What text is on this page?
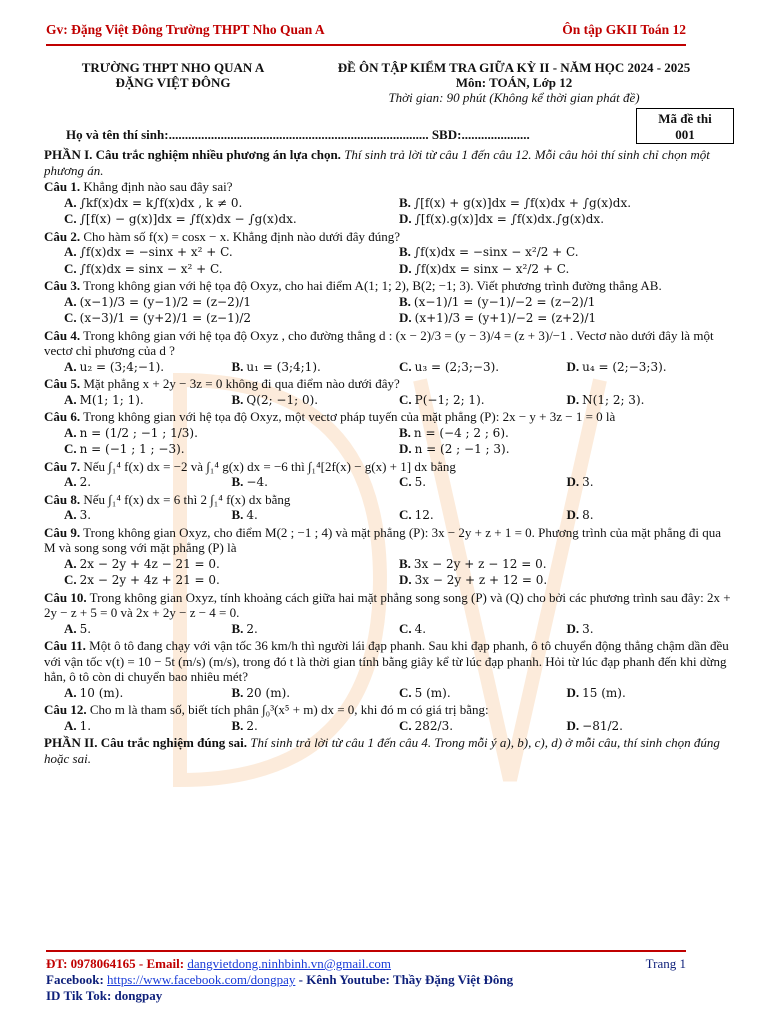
Gv: Đặng Việt Đông Trường THPT Nho Quan A	Ôn tập GKII Toán 12
TRƯỜNG THPT NHO QUAN A
ĐẶNG VIỆT ĐÔNG
ĐỀ ÔN TẬP KIỂM TRA GIỮA KỲ II - NĂM HỌC 2024 - 2025
Môn: TOÁN, Lớp 12
Thời gian: 90 phút (Không kể thời gian phát đề)
Mã đề thi
001
Họ và tên thí sinh:................................................................................ SBD:.....................
PHẦN I. Câu trắc nghiệm nhiều phương án lựa chọn. Thí sinh trả lời từ câu 1 đến câu 12. Mỗi câu hỏi thí sinh chỉ chọn một phương án.
Câu 1. Khẳng định nào sau đây sai?
A. ∫kf(x)dx = k∫f(x)dx , k ≠ 0.	B. ∫[f(x) + g(x)]dx = ∫f(x)dx + ∫g(x)dx.
C. ∫[f(x) − g(x)]dx = ∫f(x)dx − ∫g(x)dx.	D. ∫[f(x).g(x)]dx = ∫f(x)dx.∫g(x)dx.
Câu 2. Cho hàm số f(x) = cosx − x. Khẳng định nào dưới đây đúng?
A. ∫f(x)dx = −sinx + x² + C.	B. ∫f(x)dx = −sinx − x²/2 + C.
C. ∫f(x)dx = sinx − x² + C.	D. ∫f(x)dx = sinx − x²/2 + C.
Câu 3. Trong không gian với hệ tọa độ Oxyz, cho hai điểm A(1; 1; 2), B(2; −1; 3). Viết phương trình đường thẳng AB.
A. (x−1)/3 = (y−1)/2 = (z−2)/1	B. (x−1)/1 = (y−1)/−2 = (z−2)/1
C. (x−3)/1 = (y+2)/1 = (z−1)/2	D. (x+1)/3 = (y+1)/−2 = (z+2)/1
Câu 4. Trong không gian với hệ tọa độ Oxyz , cho đường thẳng d : (x − 2)/3 = (y − 3)/4 = (z + 3)/−1 . Vectơ nào dưới đây là một vectơ chỉ phương của d ?
A. u₂ = (3;4;−1).	B. u₁ = (3;4;1).	C. u₃ = (2;3;−3).	D. u₄ = (2;−3;3).
Câu 5. Mặt phẳng x + 2y − 3z = 0 không đi qua điểm nào dưới đây?
A. M(1; 1; 1).	B. Q(2; −1; 0).	C. P(−1; 2; 1).	D. N(1; 2; 3).
Câu 6. Trong không gian với hệ tọa độ Oxyz, một vectơ pháp tuyến của mặt phẳng (P): 2x − y + 3z − 1 = 0 là
A. n = (1/2 ; −1 ; 1/3).	B. n = (−4 ; 2 ; 6).
C. n = (−1 ; 1 ; −3).	D. n = (2 ; −1 ; 3).
Câu 7. Nếu ∫₁⁴ f(x) dx = −2 và ∫₁⁴ g(x) dx = −6 thì ∫₁⁴[2f(x) − g(x) + 1] dx bằng
A. 2.	B. −4.	C. 5.	D. 3.
Câu 8. Nếu ∫₁⁴ f(x) dx = 6 thì 2 ∫₁⁴ f(x) dx bằng
A. 3.	B. 4.	C. 12.	D. 8.
Câu 9. Trong không gian Oxyz, cho điểm M(2 ; −1 ; 4) và mặt phẳng (P): 3x − 2y + z + 1 = 0. Phương trình của mặt phẳng đi qua M và song song với mặt phẳng (P) là
A. 2x − 2y + 4z − 21 = 0.	B. 3x − 2y + z − 12 = 0.
C. 2x − 2y + 4z + 21 = 0.	D. 3x − 2y + z + 12 = 0.
Câu 10. Trong không gian Oxyz, tính khoảng cách giữa hai mặt phẳng song song (P) và (Q) cho bởi các phương trình sau đây: 2x + 2y − z + 5 = 0 và 2x + 2y − z − 4 = 0.
A. 5.	B. 2.	C. 4.	D. 3.
Câu 11. Một ô tô đang chạy với vận tốc 36 km/h thì người lái đạp phanh. Sau khi đạp phanh, ô tô chuyển động thẳng chậm dần đều với vận tốc v(t) = 10 − 5t (m/s) (m/s), trong đó t là thời gian tính bằng giây kể từ lúc đạp phanh. Hỏi từ lúc đạp phanh đến khi dừng hẳn, ô tô còn di chuyển bao nhiêu mét?
A. 10 (m).	B. 20 (m).	C. 5 (m).	D. 15 (m).
Câu 12. Cho m là tham số, biết tích phân ∫₀³(x⁵ + m) dx = 0, khi đó m có giá trị bằng:
A. 1.	B. 2.	C. 282/3.	D. −81/2.
PHẦN II. Câu trắc nghiệm đúng sai. Thí sinh trả lời từ câu 1 đến câu 4. Trong mỗi ý a), b), c), d) ở mỗi câu, thí sinh chọn đúng hoặc sai.
ĐT: 0978064165 - Email: dangvietdong.ninhbinh.vn@gmail.com
Facebook: https://www.facebook.com/dongpay - Kênh Youtube: Thầy Đặng Việt Đông
ID Tik Tok: dongpay
Trang 1
